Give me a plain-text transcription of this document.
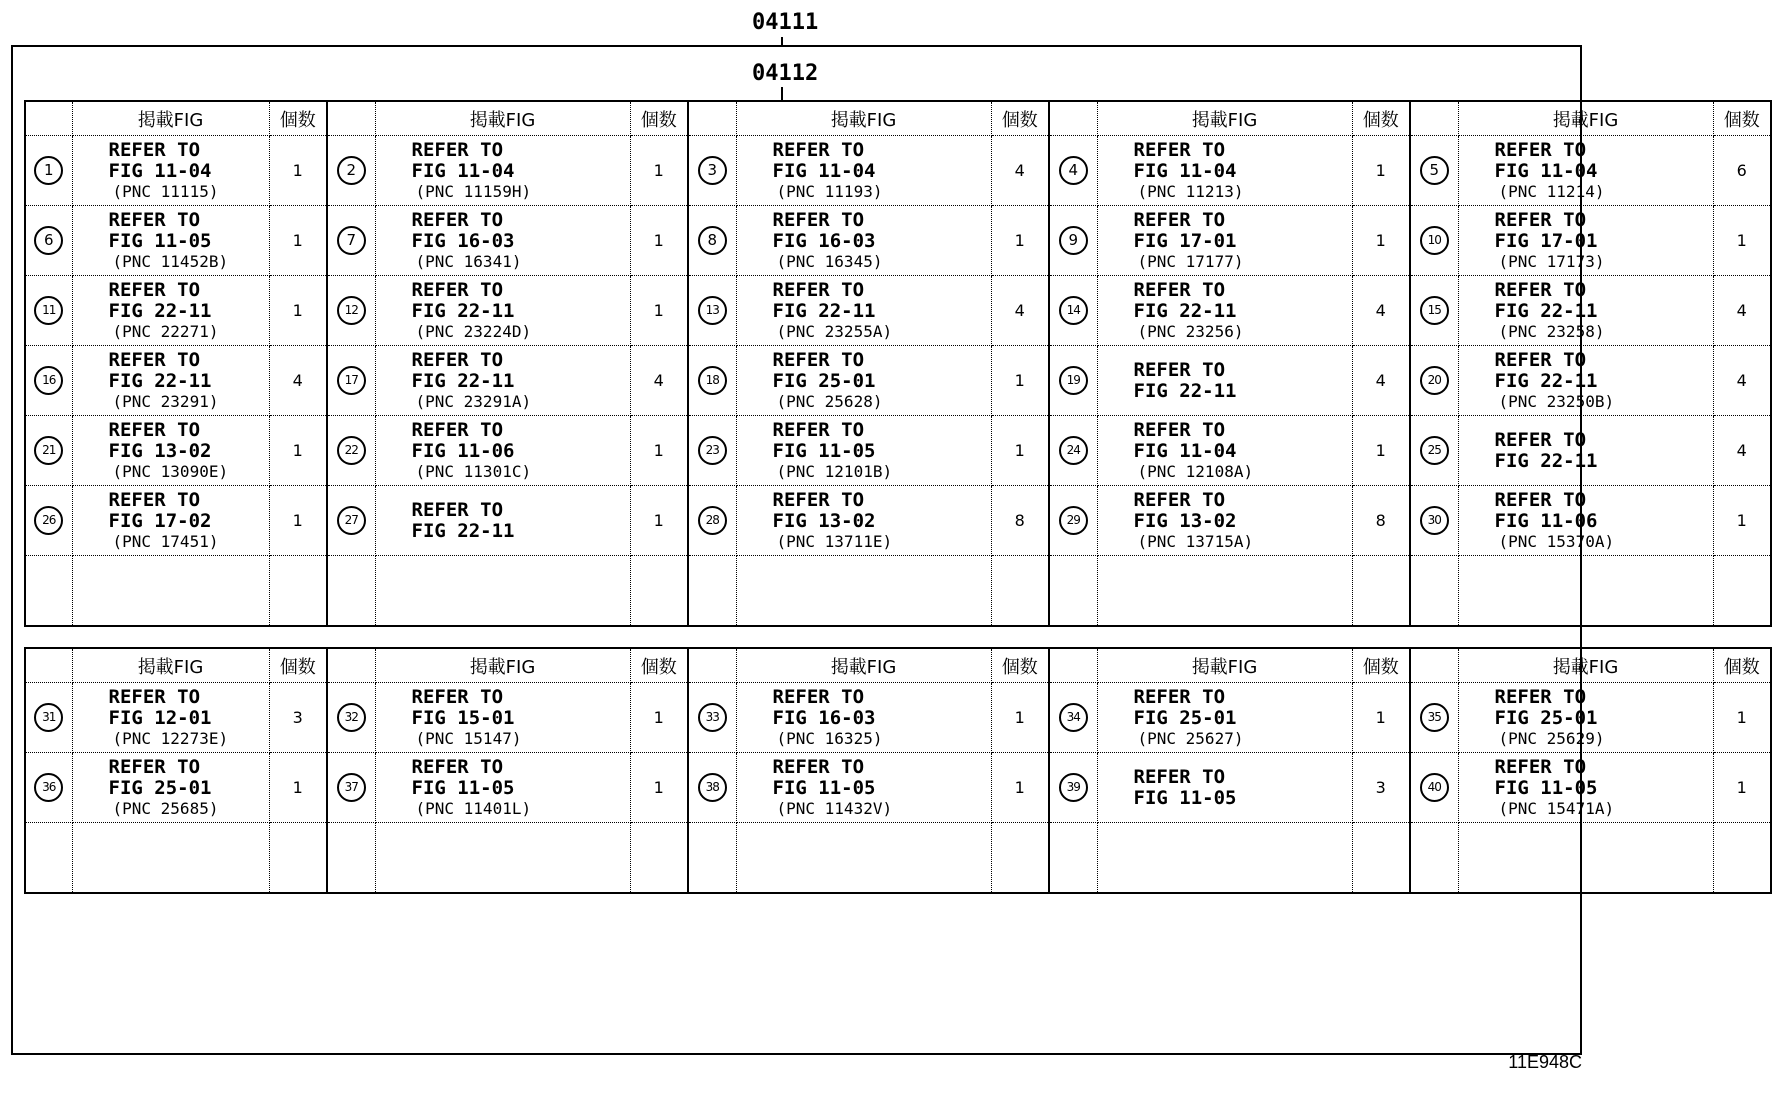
04111
04112
	掲載FIG	個数		掲載FIG	個数		掲載FIG	個数		掲載FIG	個数		掲載FIG	個数
1	REFER TO
FIG 11-04
(PNC 11115)	1	2	REFER TO
FIG 11-04
(PNC 11159H)	1	3	REFER TO
FIG 11-04
(PNC 11193)	4	4	REFER TO
FIG 11-04
(PNC 11213)	1	5	REFER TO
FIG 11-04
(PNC 11214)	6
6	REFER TO
FIG 11-05
(PNC 11452B)	1	7	REFER TO
FIG 16-03
(PNC 16341)	1	8	REFER TO
FIG 16-03
(PNC 16345)	1	9	REFER TO
FIG 17-01
(PNC 17177)	1	10	REFER TO
FIG 17-01
(PNC 17173)	1
11	REFER TO
FIG 22-11
(PNC 22271)	1	12	REFER TO
FIG 22-11
(PNC 23224D)	1	13	REFER TO
FIG 22-11
(PNC 23255A)	4	14	REFER TO
FIG 22-11
(PNC 23256)	4	15	REFER TO
FIG 22-11
(PNC 23258)	4
16	REFER TO
FIG 22-11
(PNC 23291)	4	17	REFER TO
FIG 22-11
(PNC 23291A)	4	18	REFER TO
FIG 25-01
(PNC 25628)	1	19	REFER TO
FIG 22-11	4	20	REFER TO
FIG 22-11
(PNC 23250B)	4
21	REFER TO
FIG 13-02
(PNC 13090E)	1	22	REFER TO
FIG 11-06
(PNC 11301C)	1	23	REFER TO
FIG 11-05
(PNC 12101B)	1	24	REFER TO
FIG 11-04
(PNC 12108A)	1	25	REFER TO
FIG 22-11	4
26	REFER TO
FIG 17-02
(PNC 17451)	1	27	REFER TO
FIG 22-11	1	28	REFER TO
FIG 13-02
(PNC 13711E)	8	29	REFER TO
FIG 13-02
(PNC 13715A)	8	30	REFER TO
FIG 11-06
(PNC 15370A)	1

	掲載FIG	個数		掲載FIG	個数		掲載FIG	個数		掲載FIG	個数		掲載FIG	個数
31	REFER TO
FIG 12-01
(PNC 12273E)	3	32	REFER TO
FIG 15-01
(PNC 15147)	1	33	REFER TO
FIG 16-03
(PNC 16325)	1	34	REFER TO
FIG 25-01
(PNC 25627)	1	35	REFER TO
FIG 25-01
(PNC 25629)	1
36	REFER TO
FIG 25-01
(PNC 25685)	1	37	REFER TO
FIG 11-05
(PNC 11401L)	1	38	REFER TO
FIG 11-05
(PNC 11432V)	1	39	REFER TO
FIG 11-05	3	40	REFER TO
FIG 11-05
(PNC 15471A)	1

11E948C
